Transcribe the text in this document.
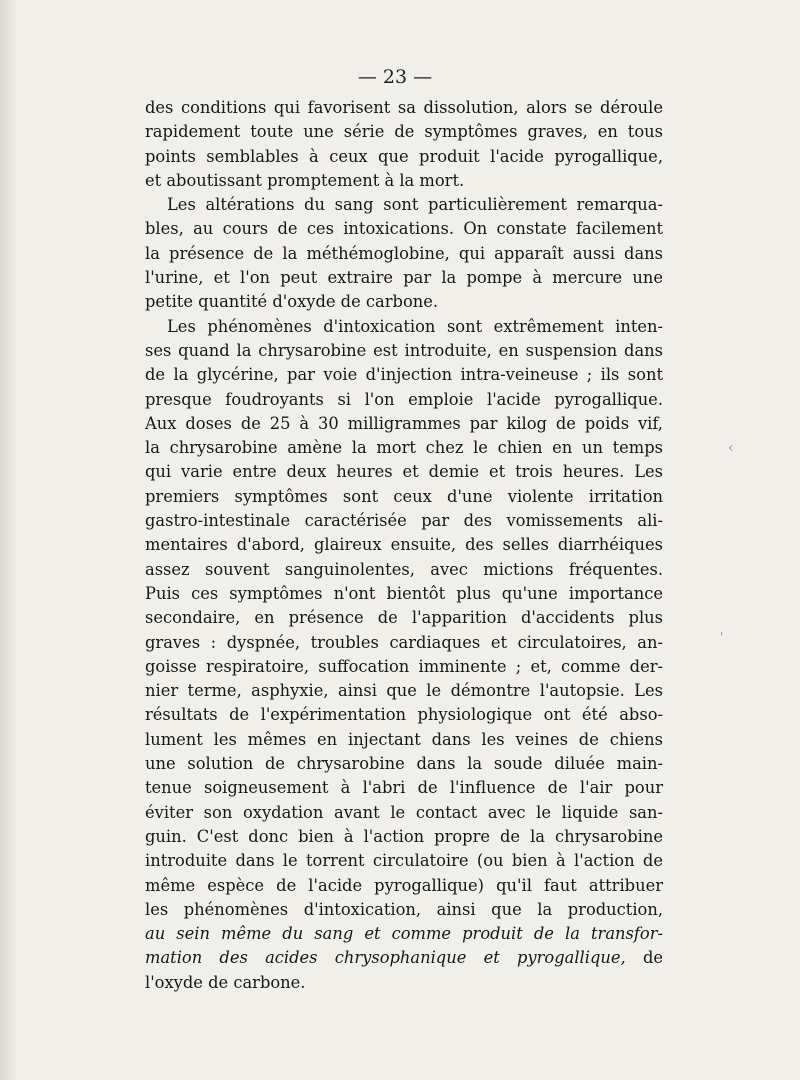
— 23 —
des conditions qui favorisent sa dissolution, alors se déroule
rapidement toute une série de symptômes graves, en tous
points semblables à ceux que produit l'acide pyrogallique,
et aboutissant promptement à la mort.
Les altérations du sang sont particulièrement remarqua-
bles, au cours de ces intoxications. On constate facilement
la présence de la méthémoglobine, qui apparaît aussi dans
l'urine, et l'on peut extraire par la pompe à mercure une
petite quantité d'oxyde de carbone.
Les phénomènes d'intoxication sont extrêmement inten-
ses quand la chrysarobine est introduite, en suspension dans
de la glycérine, par voie d'injection intra-veineuse ; ils sont
presque foudroyants si l'on emploie l'acide pyrogallique.
Aux doses de 25 à 30 milligrammes par kilog de poids vif,
la chrysarobine amène la mort chez le chien en un temps
qui varie entre deux heures et demie et trois heures. Les
premiers symptômes sont ceux d'une violente irritation
gastro-intestinale caractérisée par des vomissements ali-
mentaires d'abord, glaireux ensuite, des selles diarrhéiques
assez souvent sanguinolentes, avec mictions fréquentes.
Puis ces symptômes n'ont bientôt plus qu'une importance
secondaire, en présence de l'apparition d'accidents plus
graves : dyspnée, troubles cardiaques et circulatoires, an-
goisse respiratoire, suffocation imminente ; et, comme der-
nier terme, asphyxie, ainsi que le démontre l'autopsie. Les
résultats de l'expérimentation physiologique ont été abso-
lument les mêmes en injectant dans les veines de chiens
une solution de chrysarobine dans la soude diluée main-
tenue soigneusement à l'abri de l'influence de l'air pour
éviter son oxydation avant le contact avec le liquide san-
guin. C'est donc bien à l'action propre de la chrysarobine
introduite dans le torrent circulatoire (ou bien à l'action de
même espèce de l'acide pyrogallique) qu'il faut attribuer
les phénomènes d'intoxication, ainsi que la production,
au sein même du sang et comme produit de la transfor-
mation des acides chrysophanique et pyrogallique, de
l'oxyde de carbone.
‹
'
